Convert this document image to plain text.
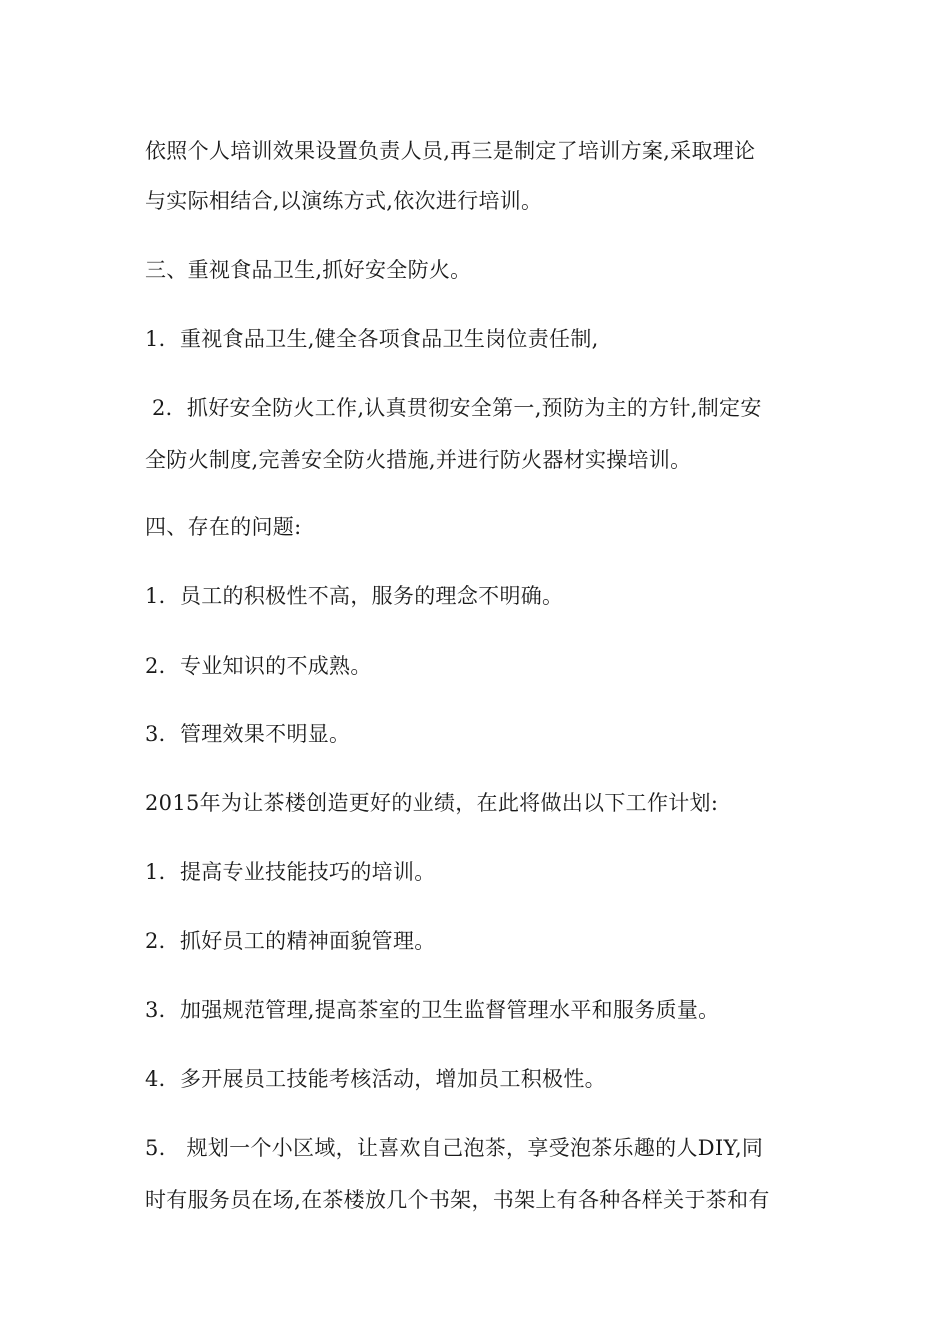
依照个人培训效果设置负责人员,再三是制定了培训方案,采取理论
与实际相结合,以演练方式,依次进行培训。
三、重视食品卫生,抓好安全防火。
1．重视食品卫生,健全各项食品卫生岗位责任制,
2．抓好安全防火工作,认真贯彻安全第一,预防为主的方针,制定安
全防火制度,完善安全防火措施,并进行防火器材实操培训。
四、存在的问题:
1．员工的积极性不高，服务的理念不明确。
2．专业知识的不成熟。
3．管理效果不明显。
2015年为让茶楼创造更好的业绩，在此将做出以下工作计划:
1．提高专业技能技巧的培训。
2．抓好员工的精神面貌管理。
3．加强规范管理,提高茶室的卫生监督管理水平和服务质量。
4．多开展员工技能考核活动，增加员工积极性。
5.   规划一个小区域，让喜欢自己泡茶，享受泡茶乐趣的人DIY,同
时有服务员在场,在茶楼放几个书架，书架上有各种各样关于茶和有
